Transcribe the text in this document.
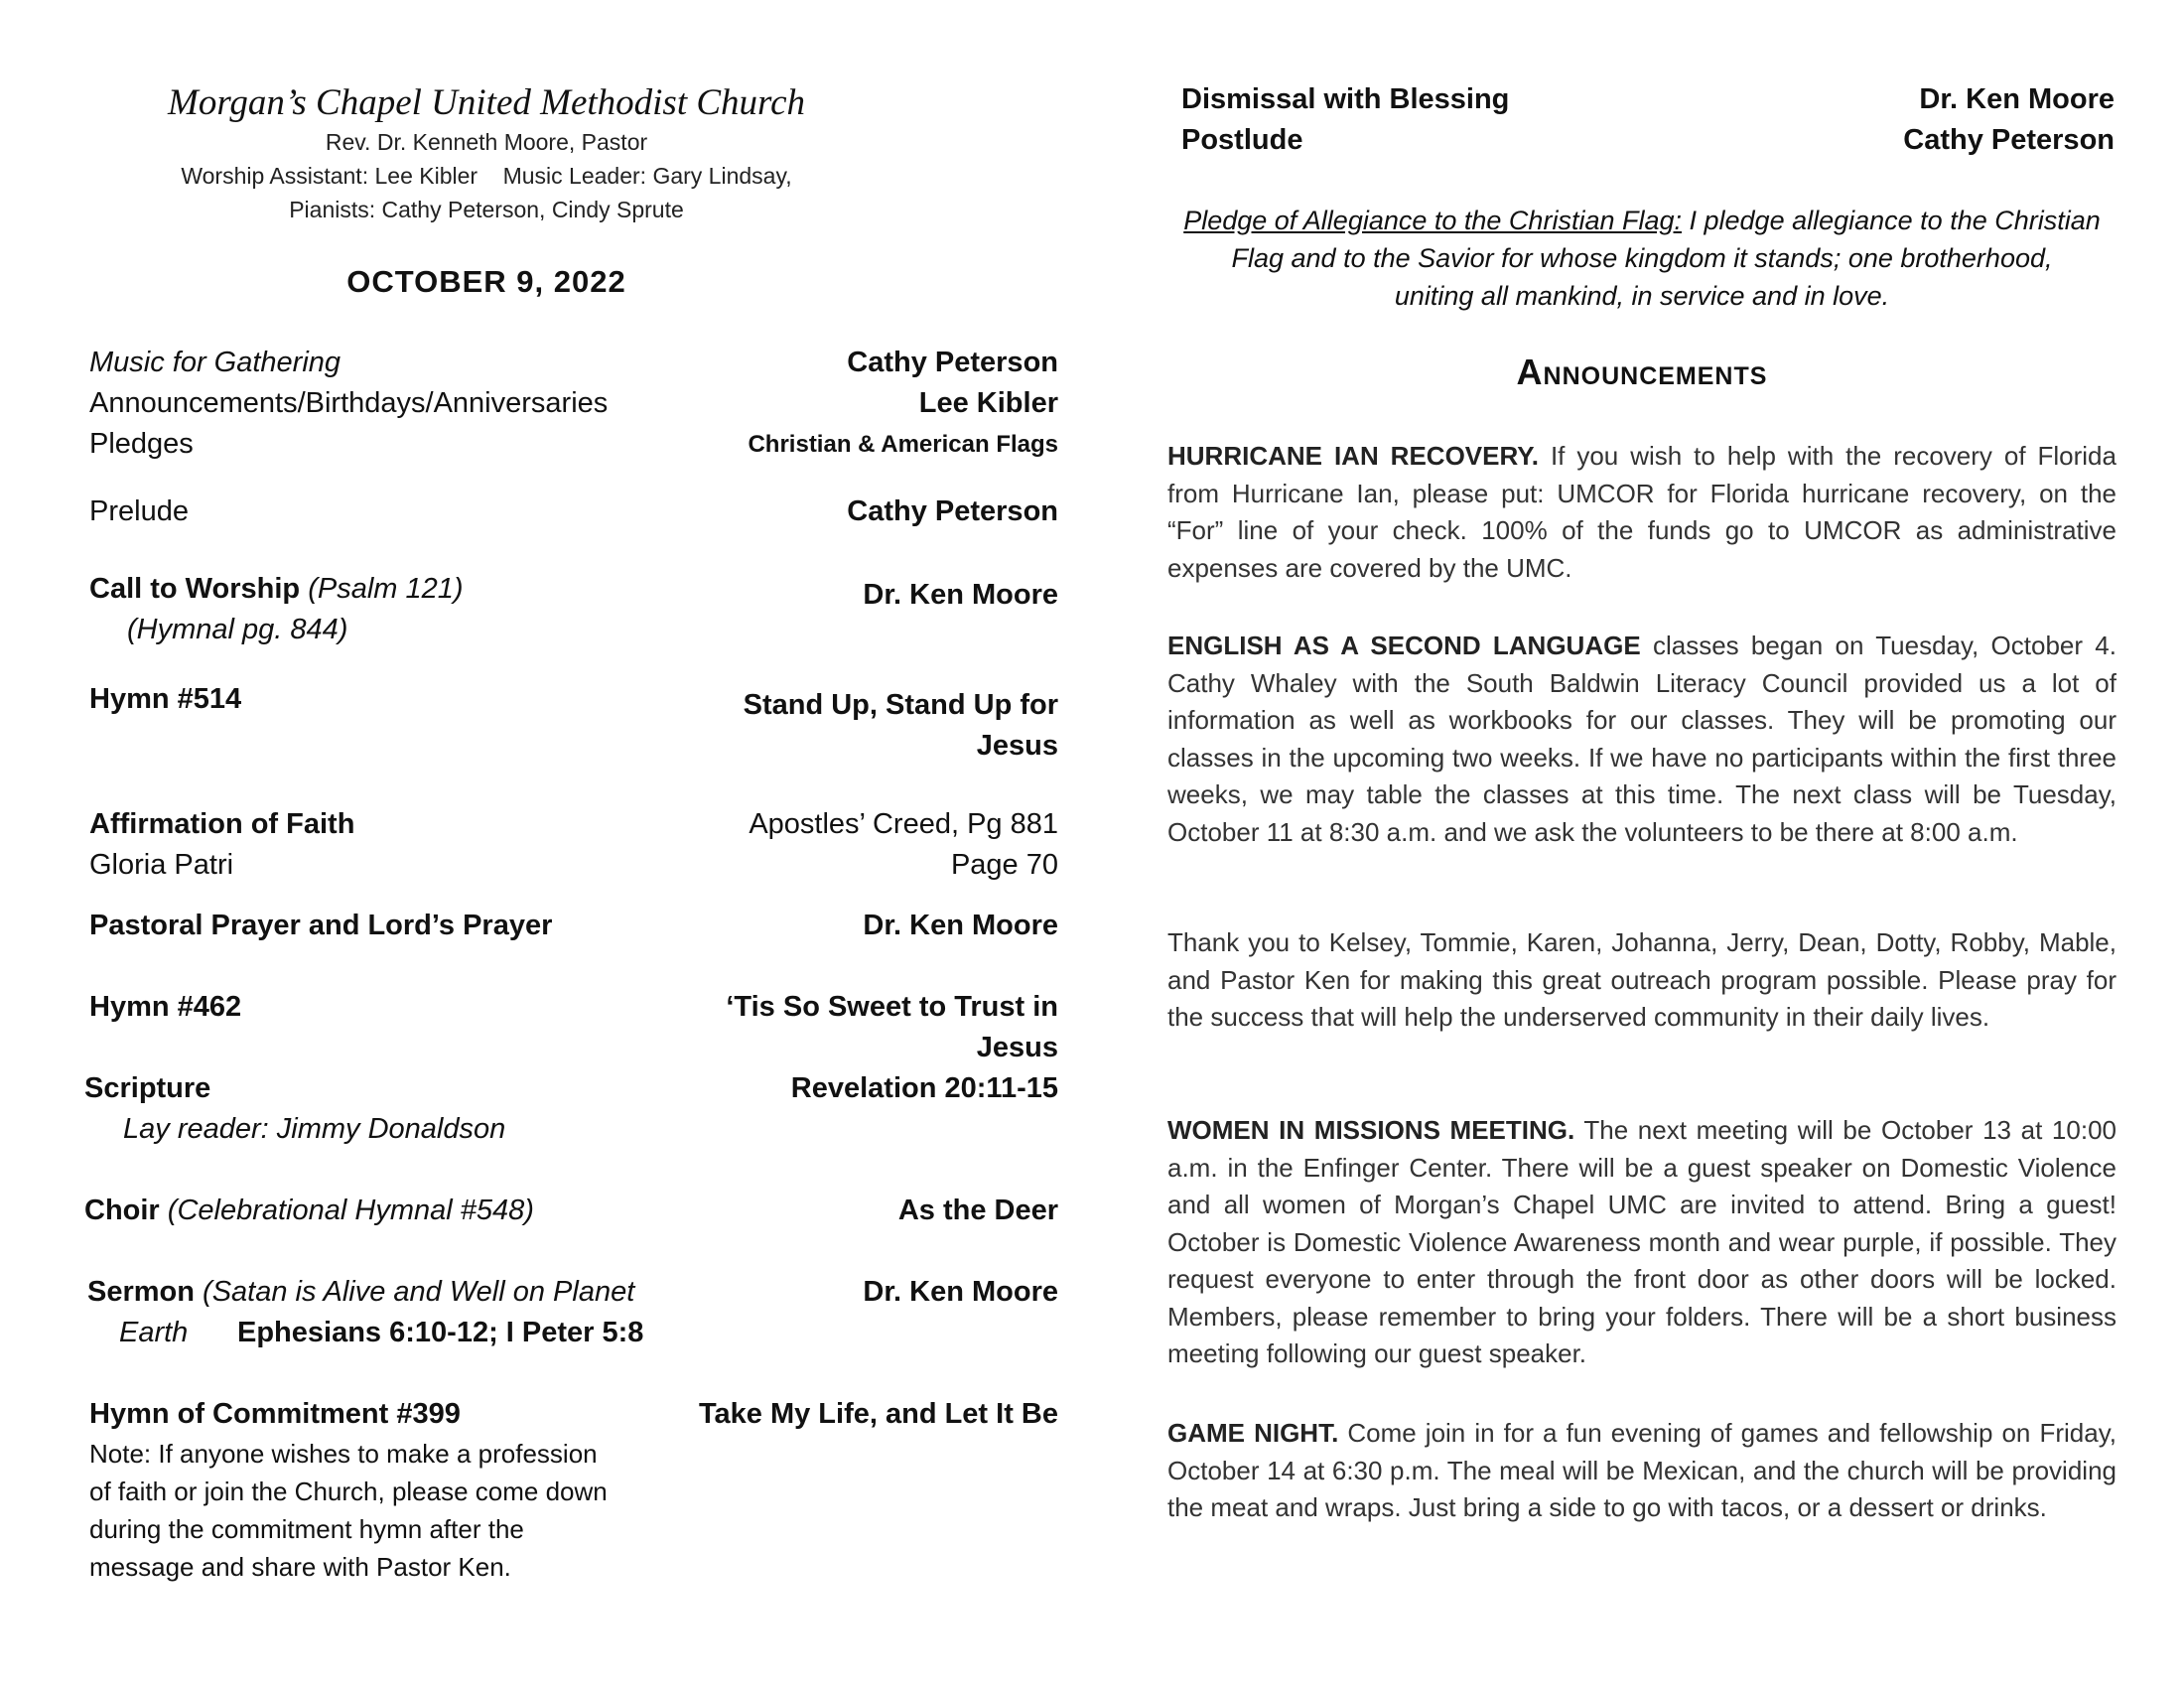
Morgan’s Chapel United Methodist Church
Rev. Dr. Kenneth Moore, Pastor
Worship Assistant: Lee Kibler    Music Leader: Gary Lindsay,
Pianists: Cathy Peterson, Cindy Sprute
OCTOBER 9, 2022
Music for Gathering	Cathy Peterson
Announcements/Birthdays/Anniversaries	Lee Kibler
Pledges	Christian & American Flags
Prelude	Cathy Peterson
Call to Worship (Psalm 121)	Dr. Ken Moore
(Hymnal pg. 844)
Hymn #514	Stand Up, Stand Up for
Jesus
Affirmation of Faith	Apostles’ Creed, Pg 881
Gloria Patri	Page 70
Pastoral Prayer and Lord’s Prayer	Dr. Ken Moore
Hymn #462	‘Tis So Sweet to Trust in
Jesus
Scripture	Revelation 20:11-15
Lay reader: Jimmy Donaldson
Choir (Celebrational Hymnal #548)	As the Deer
Sermon (Satan is Alive and Well on Planet	Dr. Ken Moore
Earth Ephesians 6:10-12; I Peter 5:8
Hymn of Commitment #399	Take My Life, and Let It Be
Note: If anyone wishes to make a profession
of faith or join the Church, please come down
during the commitment hymn after the
message and share with Pastor Ken.
Dismissal with Blessing	Dr. Ken Moore
Postlude	Cathy Peterson
Pledge of Allegiance to the Christian Flag: I pledge allegiance to the Christian
Flag and to the Savior for whose kingdom it stands; one brotherhood,
uniting all mankind, in service and in love.
Announcements
HURRICANE IAN RECOVERY. If you wish to help with the recovery of Florida from Hurricane Ian, please put: UMCOR for Florida hurricane recovery, on the “For” line of your check. 100% of the funds go to UMCOR as administrative expenses are covered by the UMC.
ENGLISH AS A SECOND LANGUAGE classes began on Tuesday, October 4. Cathy Whaley with the South Baldwin Literacy Council provided us a lot of information as well as workbooks for our classes. They will be promoting our classes in the upcoming two weeks. If we have no participants within the first three weeks, we may table the classes at this time. The next class will be Tuesday, October 11 at 8:30 a.m. and we ask the volunteers to be there at 8:00 a.m.
Thank you to Kelsey, Tommie, Karen, Johanna, Jerry, Dean, Dotty, Robby, Mable, and Pastor Ken for making this great outreach program possible. Please pray for the success that will help the underserved community in their daily lives.
WOMEN IN MISSIONS MEETING. The next meeting will be October 13 at 10:00 a.m. in the Enfinger Center. There will be a guest speaker on Domestic Violence and all women of Morgan’s Chapel UMC are invited to attend. Bring a guest! October is Domestic Violence Awareness month and wear purple, if possible. They request everyone to enter through the front door as other doors will be locked. Members, please remember to bring your folders. There will be a short business meeting following our guest speaker.
GAME NIGHT. Come join in for a fun evening of games and fellowship on Friday, October 14 at 6:30 p.m. The meal will be Mexican, and the church will be providing the meat and wraps. Just bring a side to go with tacos, or a dessert or drinks.
